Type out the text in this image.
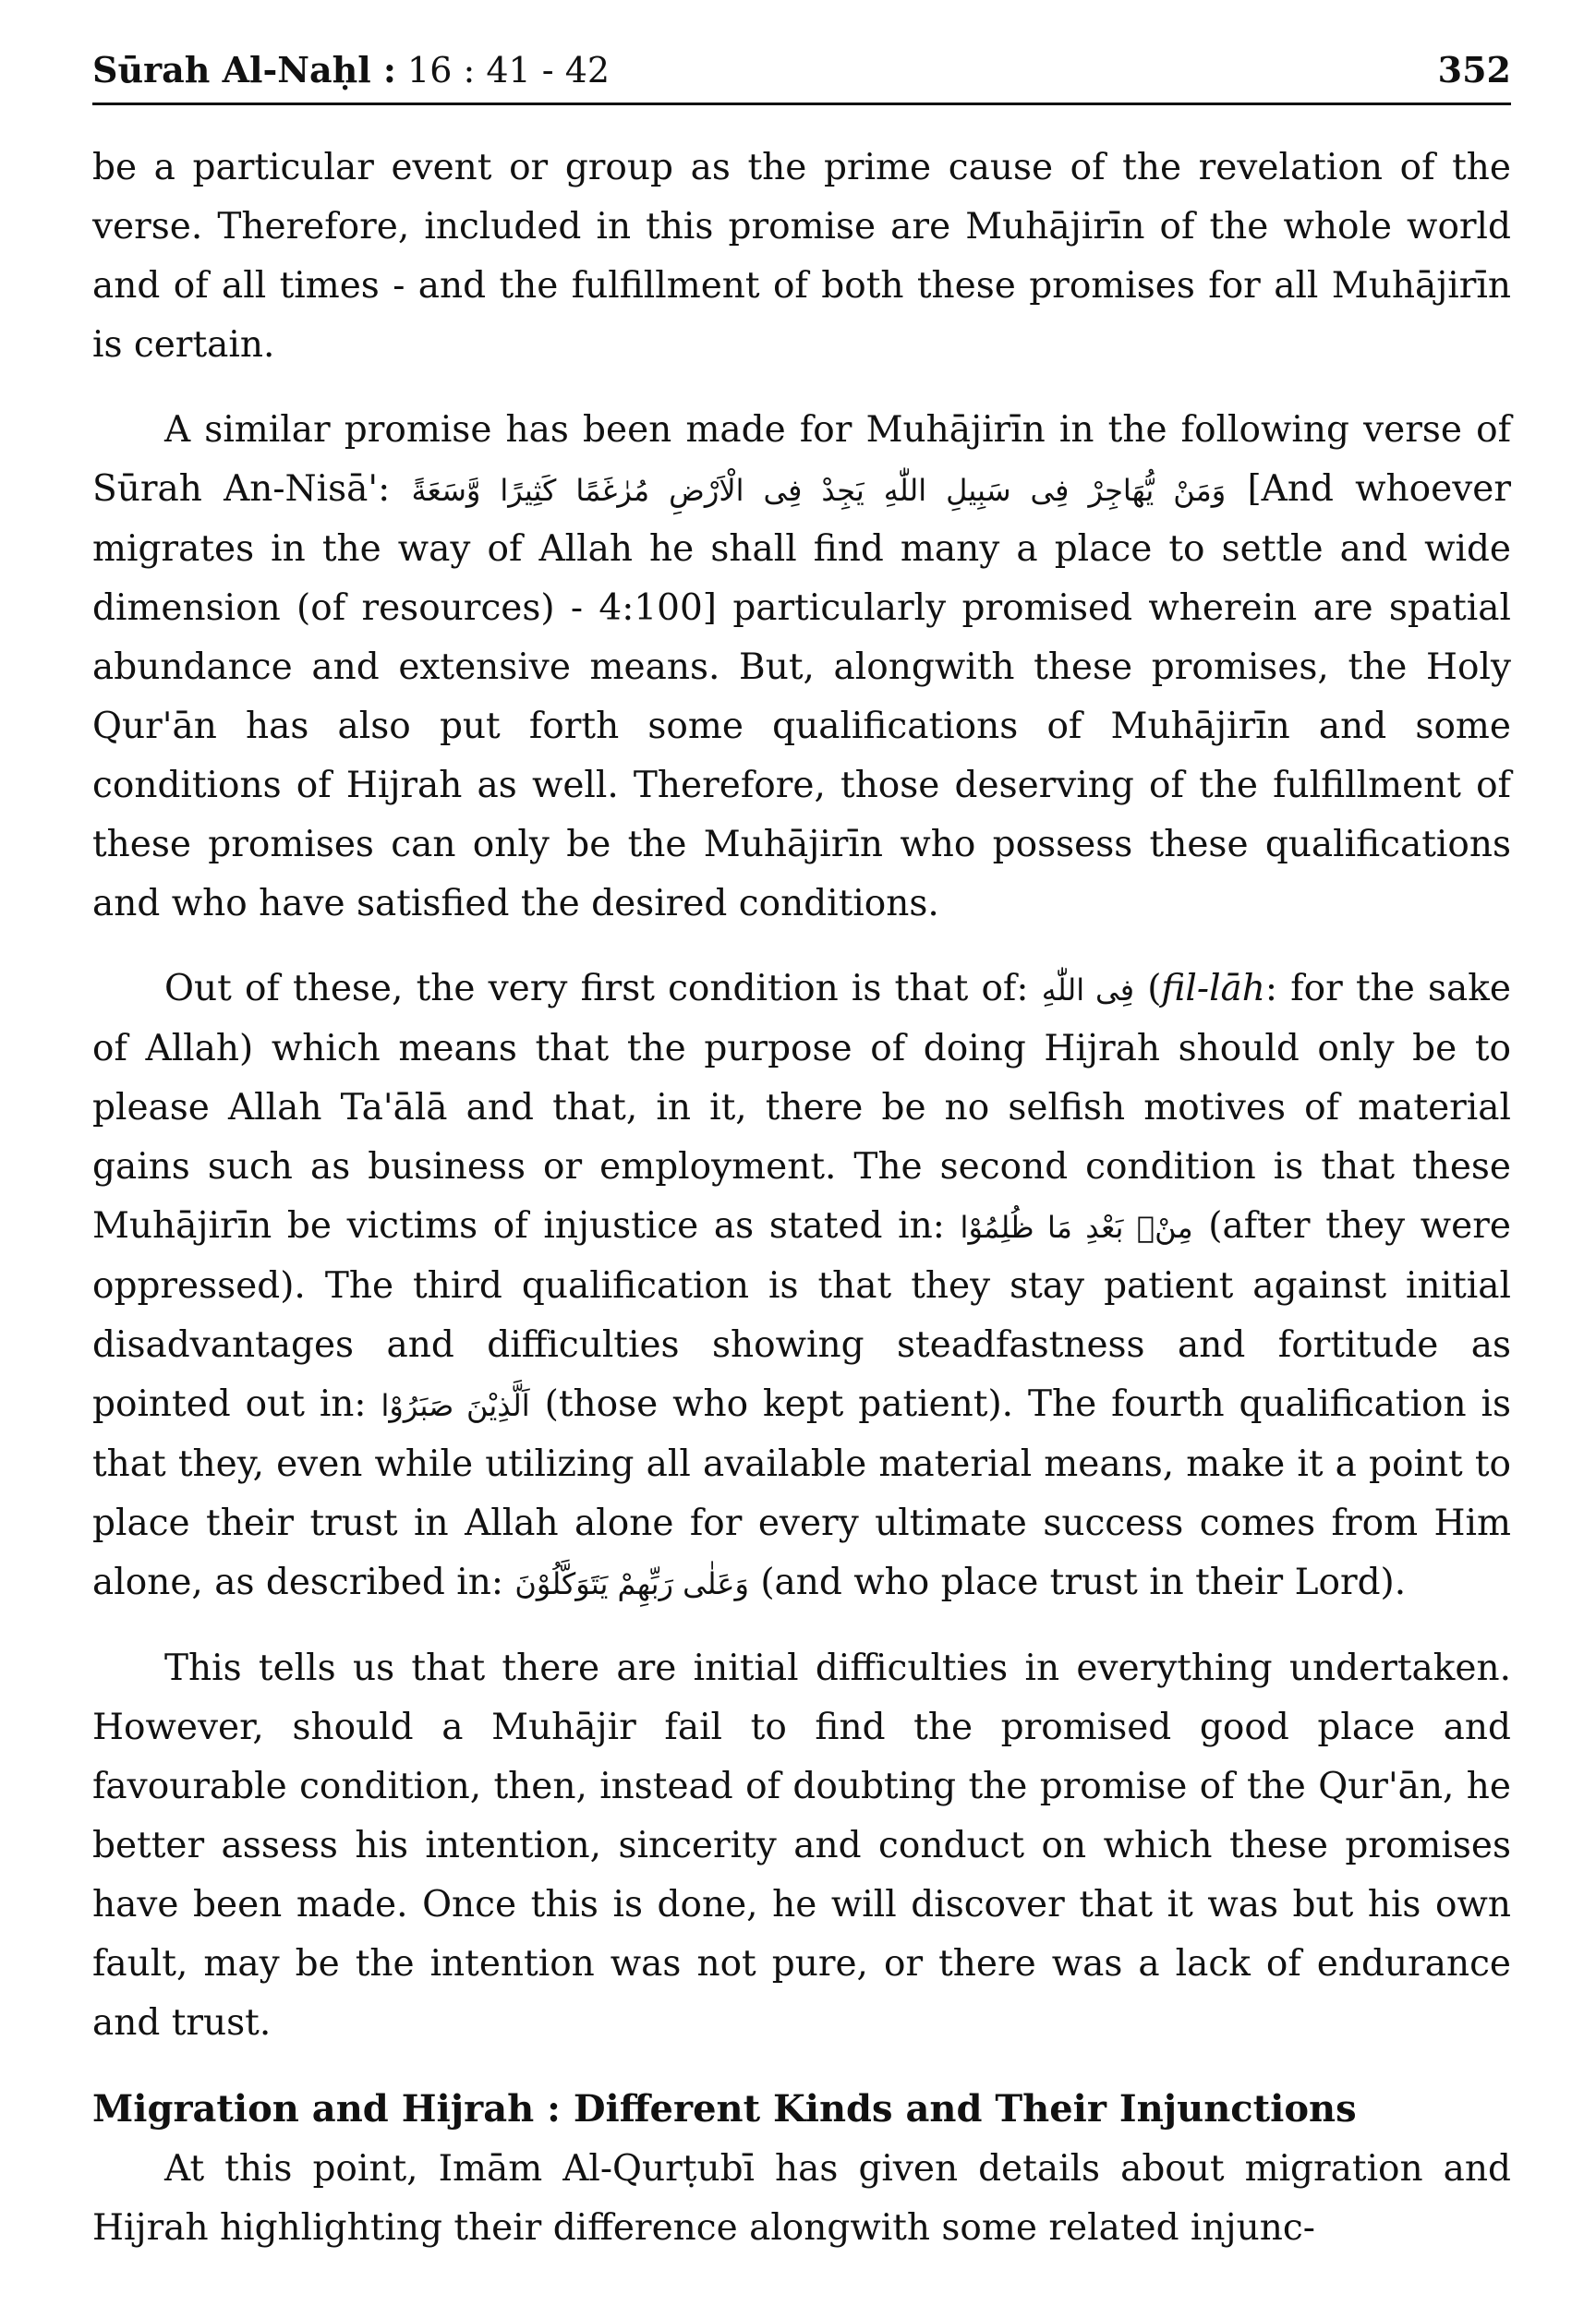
Sūrah Al-Naḥl : 16 : 41 - 42	352

be a particular event or group as the prime cause of the revelation of the verse. Therefore, included in this promise are Muhājirīn of the whole world and of all times - and the fulfillment of both these promises for all Muhājirīn is certain.

A similar promise has been made for Muhājirīn in the following verse of Sūrah An-Nisā': وَمَنْ يُّهَاجِرْ فِى سَبِيلِ اللّٰهِ يَجِدْ فِى الْاَرْضِ مُرٰغَمًا كَثِيرًا وَّسَعَةً [And whoever migrates in the way of Allah he shall find many a place to settle and wide dimension (of resources) - 4:100] particularly promised wherein are spatial abundance and extensive means. But, alongwith these promises, the Holy Qur'ān has also put forth some qualifications of Muhājirīn and some conditions of Hijrah as well. Therefore, those deserving of the fulfillment of these promises can only be the Muhājirīn who possess these qualifications and who have satisfied the desired conditions.

Out of these, the very first condition is that of: فِى اللّٰهِ (fil-lāh: for the sake of Allah) which means that the purpose of doing Hijrah should only be to please Allah Ta'ālā and that, in it, there be no selfish motives of material gains such as business or employment. The second condition is that these Muhājirīn be victims of injustice as stated in: مِنْۢ بَعْدِ مَا ظُلِمُوْا (after they were oppressed). The third qualification is that they stay patient against initial disadvantages and difficulties showing steadfastness and fortitude as pointed out in: اَلَّذِيْنَ صَبَرُوْا (those who kept patient). The fourth qualification is that they, even while utilizing all available material means, make it a point to place their trust in Allah alone for every ultimate success comes from Him alone, as described in: وَعَلٰى رَبِّهِمْ يَتَوَكَّلُوْنَ (and who place trust in their Lord).

This tells us that there are initial difficulties in everything undertaken. However, should a Muhājir fail to find the promised good place and favourable condition, then, instead of doubting the promise of the Qur'ān, he better assess his intention, sincerity and conduct on which these promises have been made. Once this is done, he will discover that it was but his own fault, may be the intention was not pure, or there was a lack of endurance and trust.

Migration and Hijrah : Different Kinds and Their Injunctions

At this point, Imām Al-Qurṭubī has given details about migration and Hijrah highlighting their difference alongwith some related injunc-
